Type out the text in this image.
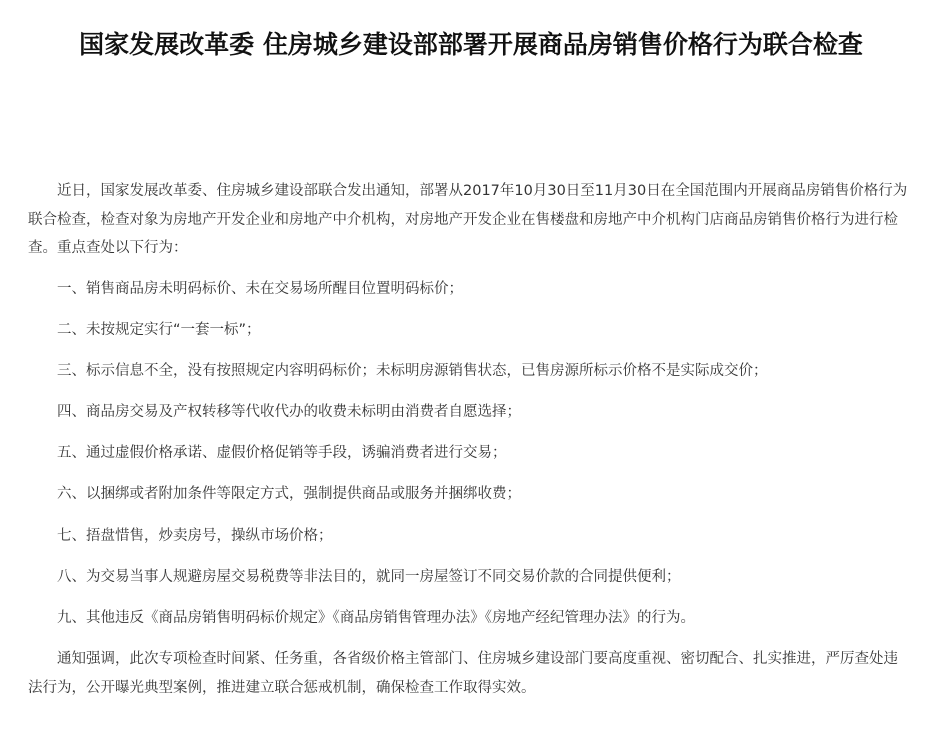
国家发展改革委 住房城乡建设部部署开展商品房销售价格行为联合检查

近日，国家发展改革委、住房城乡建设部联合发出通知，部署从2017年10月30日至11月30日在全国范围内开展商品房销售价格行为联合检查，检查对象为房地产开发企业和房地产中介机构，对房地产开发企业在售楼盘和房地产中介机构门店商品房销售价格行为进行检查。重点查处以下行为：

一、销售商品房未明码标价、未在交易场所醒目位置明码标价；

二、未按规定实行“一套一标”；

三、标示信息不全，没有按照规定内容明码标价；未标明房源销售状态，已售房源所标示价格不是实际成交价；

四、商品房交易及产权转移等代收代办的收费未标明由消费者自愿选择；

五、通过虚假价格承诺、虚假价格促销等手段，诱骗消费者进行交易；

六、以捆绑或者附加条件等限定方式，强制提供商品或服务并捆绑收费；

七、捂盘惜售，炒卖房号，操纵市场价格；

八、为交易当事人规避房屋交易税费等非法目的，就同一房屋签订不同交易价款的合同提供便利；

九、其他违反《商品房销售明码标价规定》《商品房销售管理办法》《房地产经纪管理办法》的行为。

通知强调，此次专项检查时间紧、任务重，各省级价格主管部门、住房城乡建设部门要高度重视、密切配合、扎实推进，严厉查处违法行为，公开曝光典型案例，推进建立联合惩戒机制，确保检查工作取得实效。
